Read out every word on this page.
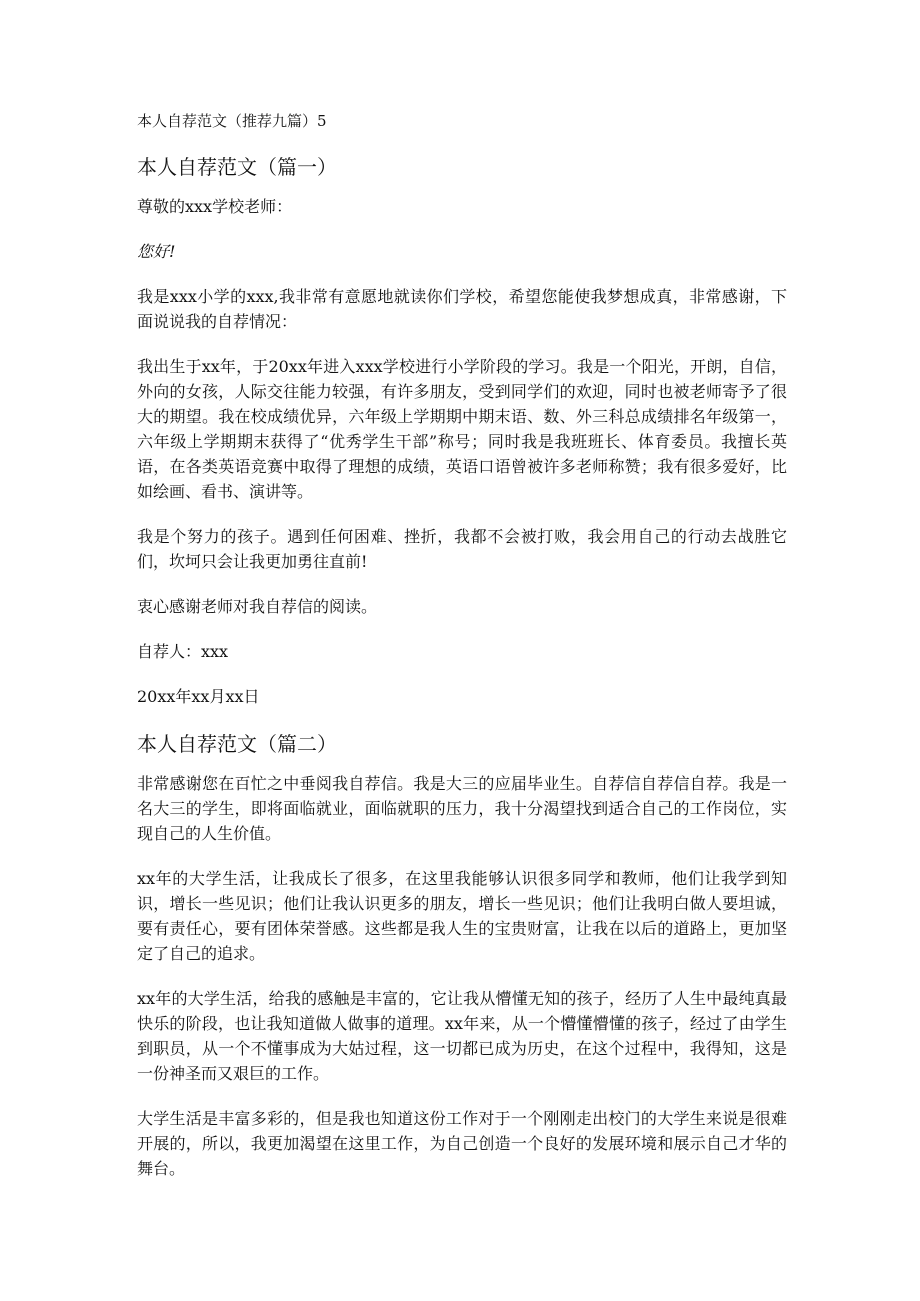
本人自荐范文（推荐九篇）5
本人自荐范文（篇一）

尊敬的xxx学校老师：

您好!

我是xxx小学的xxx,我非常有意愿地就读你们学校，希望您能使我梦想成真，非常感谢，下面说说我的自荐情况：

我出生于xx年，于20xx年进入xxx学校进行小学阶段的学习。我是一个阳光，开朗，自信，外向的女孩，人际交往能力较强，有许多朋友，受到同学们的欢迎，同时也被老师寄予了很大的期望。我在校成绩优异，六年级上学期期中期末语、数、外三科总成绩排名年级第一，六年级上学期期末获得了“优秀学生干部”称号；同时我是我班班长、体育委员。我擅长英语，在各类英语竞赛中取得了理想的成绩，英语口语曾被许多老师称赞；我有很多爱好，比如绘画、看书、演讲等。

我是个努力的孩子。遇到任何困难、挫折，我都不会被打败，我会用自己的行动去战胜它们，坎坷只会让我更加勇往直前!

衷心感谢老师对我自荐信的阅读。

自荐人：xxx

20xx年xx月xx日

本人自荐范文（篇二）

非常感谢您在百忙之中垂阅我自荐信。我是大三的应届毕业生。自荐信自荐信自荐。我是一名大三的学生，即将面临就业，面临就职的压力，我十分渴望找到适合自己的工作岗位，实现自己的人生价值。

xx年的大学生活，让我成长了很多，在这里我能够认识很多同学和教师，他们让我学到知识，增长一些见识；他们让我认识更多的朋友，增长一些见识；他们让我明白做人要坦诚，要有责任心，要有团体荣誉感。这些都是我人生的宝贵财富，让我在以后的道路上，更加坚定了自己的追求。

xx年的大学生活，给我的感触是丰富的，它让我从懵懂无知的孩子，经历了人生中最纯真最快乐的阶段，也让我知道做人做事的道理。xx年来，从一个懵懂懵懂的孩子，经过了由学生到职员，从一个不懂事成为大姑过程，这一切都已成为历史，在这个过程中，我得知，这是一份神圣而又艰巨的工作。

大学生活是丰富多彩的，但是我也知道这份工作对于一个刚刚走出校门的大学生来说是很难开展的，所以，我更加渴望在这里工作，为自己创造一个良好的发展环境和展示自己才华的舞台。
